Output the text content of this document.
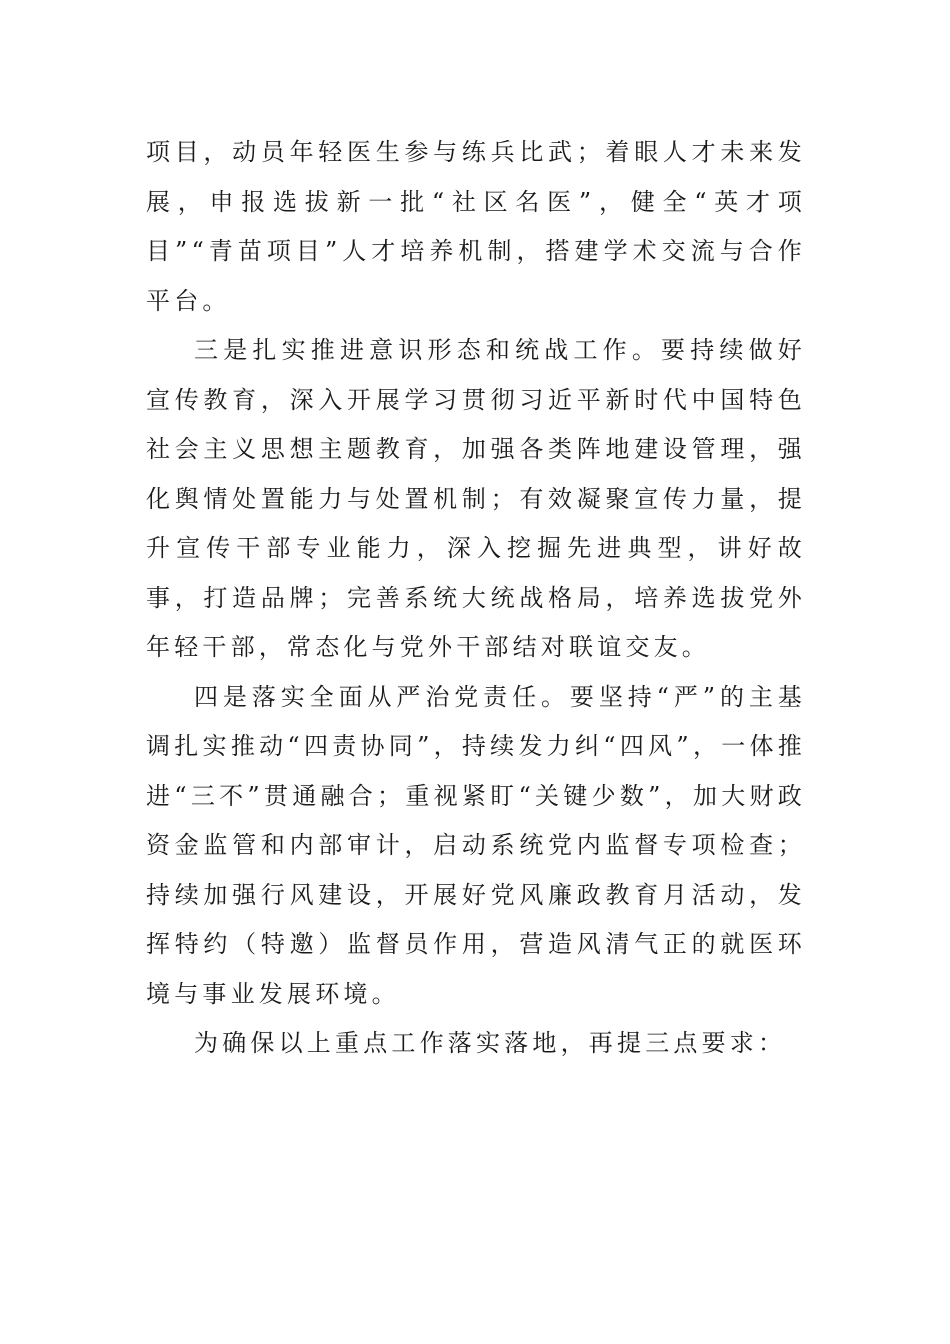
项目，动员年轻医生参与练兵比武；着眼人才未来发展，申报选拔新一批“社区名医”，健全“英才项目”“青苗项目”人才培养机制，搭建学术交流与合作平台。

三是扎实推进意识形态和统战工作。要持续做好宣传教育，深入开展学习贯彻习近平新时代中国特色社会主义思想主题教育，加强各类阵地建设管理，强化舆情处置能力与处置机制；有效凝聚宣传力量，提升宣传干部专业能力，深入挖掘先进典型，讲好故事，打造品牌；完善系统大统战格局，培养选拔党外年轻干部，常态化与党外干部结对联谊交友。

四是落实全面从严治党责任。要坚持“严”的主基调扎实推动“四责协同”，持续发力纠“四风”，一体推进“三不”贯通融合；重视紧盯“关键少数”，加大财政资金监管和内部审计，启动系统党内监督专项检查；持续加强行风建设，开展好党风廉政教育月活动，发挥特约（特邀）监督员作用，营造风清气正的就医环境与事业发展环境。

为确保以上重点工作落实落地，再提三点要求：
